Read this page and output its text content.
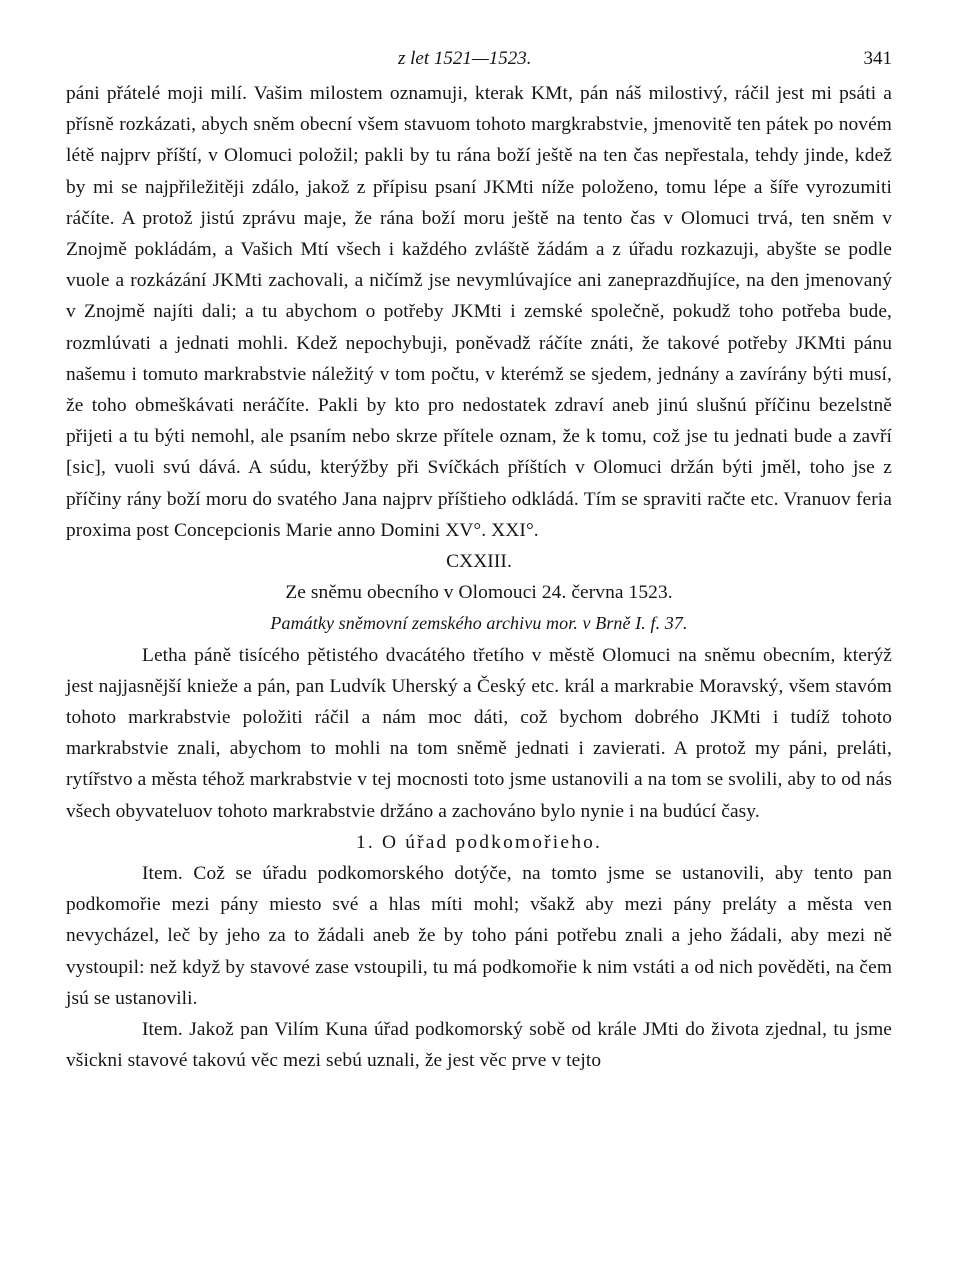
z let 1521—1523.	341

páni přátelé moji milí. Vašim milostem oznamuji, kterak KMt, pán náš milostivý, ráčil jest mi psáti a přísně rozkázati, abych sněm obecní všem stavuom tohoto margkrabstvie, jmenovitě ten pátek po novém létě najprv příští, v Olomuci položil; pakli by tu rána boží ještě na ten čas nepřestala, tehdy jinde, kdež by mi se najpřiležitěji zdálo, jakož z přípisu psaní JKMti níže položeno, tomu lépe a šíře vyrozumiti ráčíte. A protož jistú zprávu maje, že rána boží moru ještě na tento čas v Olomuci trvá, ten sněm v Znojmě pokládám, a Vašich Mtí všech i každého zvláště žádám a z úřadu rozkazuji, abyšte se podle vuole a rozkázání JKMti zachovali, a ničímž jse nevymlúvajíce ani zaneprazdňujíce, na den jmenovaný v Znojmě najíti dali; a tu abychom o potřeby JKMti i zemské společně, pokudž toho potřeba bude, rozmlúvati a jednati mohli. Kdež nepochybuji, poněvadž ráčíte znáti, že takové potřeby JKMti pánu našemu i tomuto markrabstvie náležitý v tom počtu, v kterémž se sjedem, jednány a zavírány býti musí, že toho obmeškávati neráčíte. Pakli by kto pro nedostatek zdraví aneb jinú slušnú příčinu bezelstně přijeti a tu býti nemohl, ale psaním nebo skrze přítele oznam, že k tomu, což jse tu jednati bude a zavří [sic], vuoli svú dává. A súdu, kterýžby při Svíčkách příštích v Olomuci držán býti jměl, toho jse z příčiny rány boží moru do svatého Jana najprv příštieho odkládá. Tím se spraviti račte etc. Vranuov feria proxima post Concepcionis Marie anno Domini XV°. XXI°.

CXXIII.

Ze sněmu obecního v Olomouci 24. června 1523.

Památky sněmovní zemského archivu mor. v Brně I. f. 37.

Letha páně tisícého pětistého dvacátého třetího v městě Olomuci na sněmu obecním, kterýž jest najjasnější knieže a pán, pan Ludvík Uherský a Český etc. král a markrabie Moravský, všem stavóm tohoto markrabstvie položiti ráčil a nám moc dáti, což bychom dobrého JKMti i tudíž tohoto markrabstvie znali, abychom to mohli na tom sněmě jednati i zavierati. A protož my páni, preláti, rytířstvo a města téhož markrabstvie v tej mocnosti toto jsme ustanovili a na tom se svolili, aby to od nás všech obyvateluov tohoto markrabstvie držáno a zachováno bylo nynie i na budúcí časy.

1. O úřad podkomořieho.

Item. Což se úřadu podkomorského dotýče, na tomto jsme se ustanovili, aby tento pan podkomořie mezi pány miesto své a hlas míti mohl; všakž aby mezi pány preláty a města ven nevycházel, leč by jeho za to žádali aneb že by toho páni potřebu znali a jeho žádali, aby mezi ně vystoupil: než když by stavové zase vstoupili, tu má podkomořie k nim vstáti a od nich pověděti, na čem jsú se ustanovili.

Item. Jakož pan Vilím Kuna úřad podkomorský sobě od krále JMti do života zjednal, tu jsme všickni stavové takovú věc mezi sebú uznali, že jest věc prve v tejto
